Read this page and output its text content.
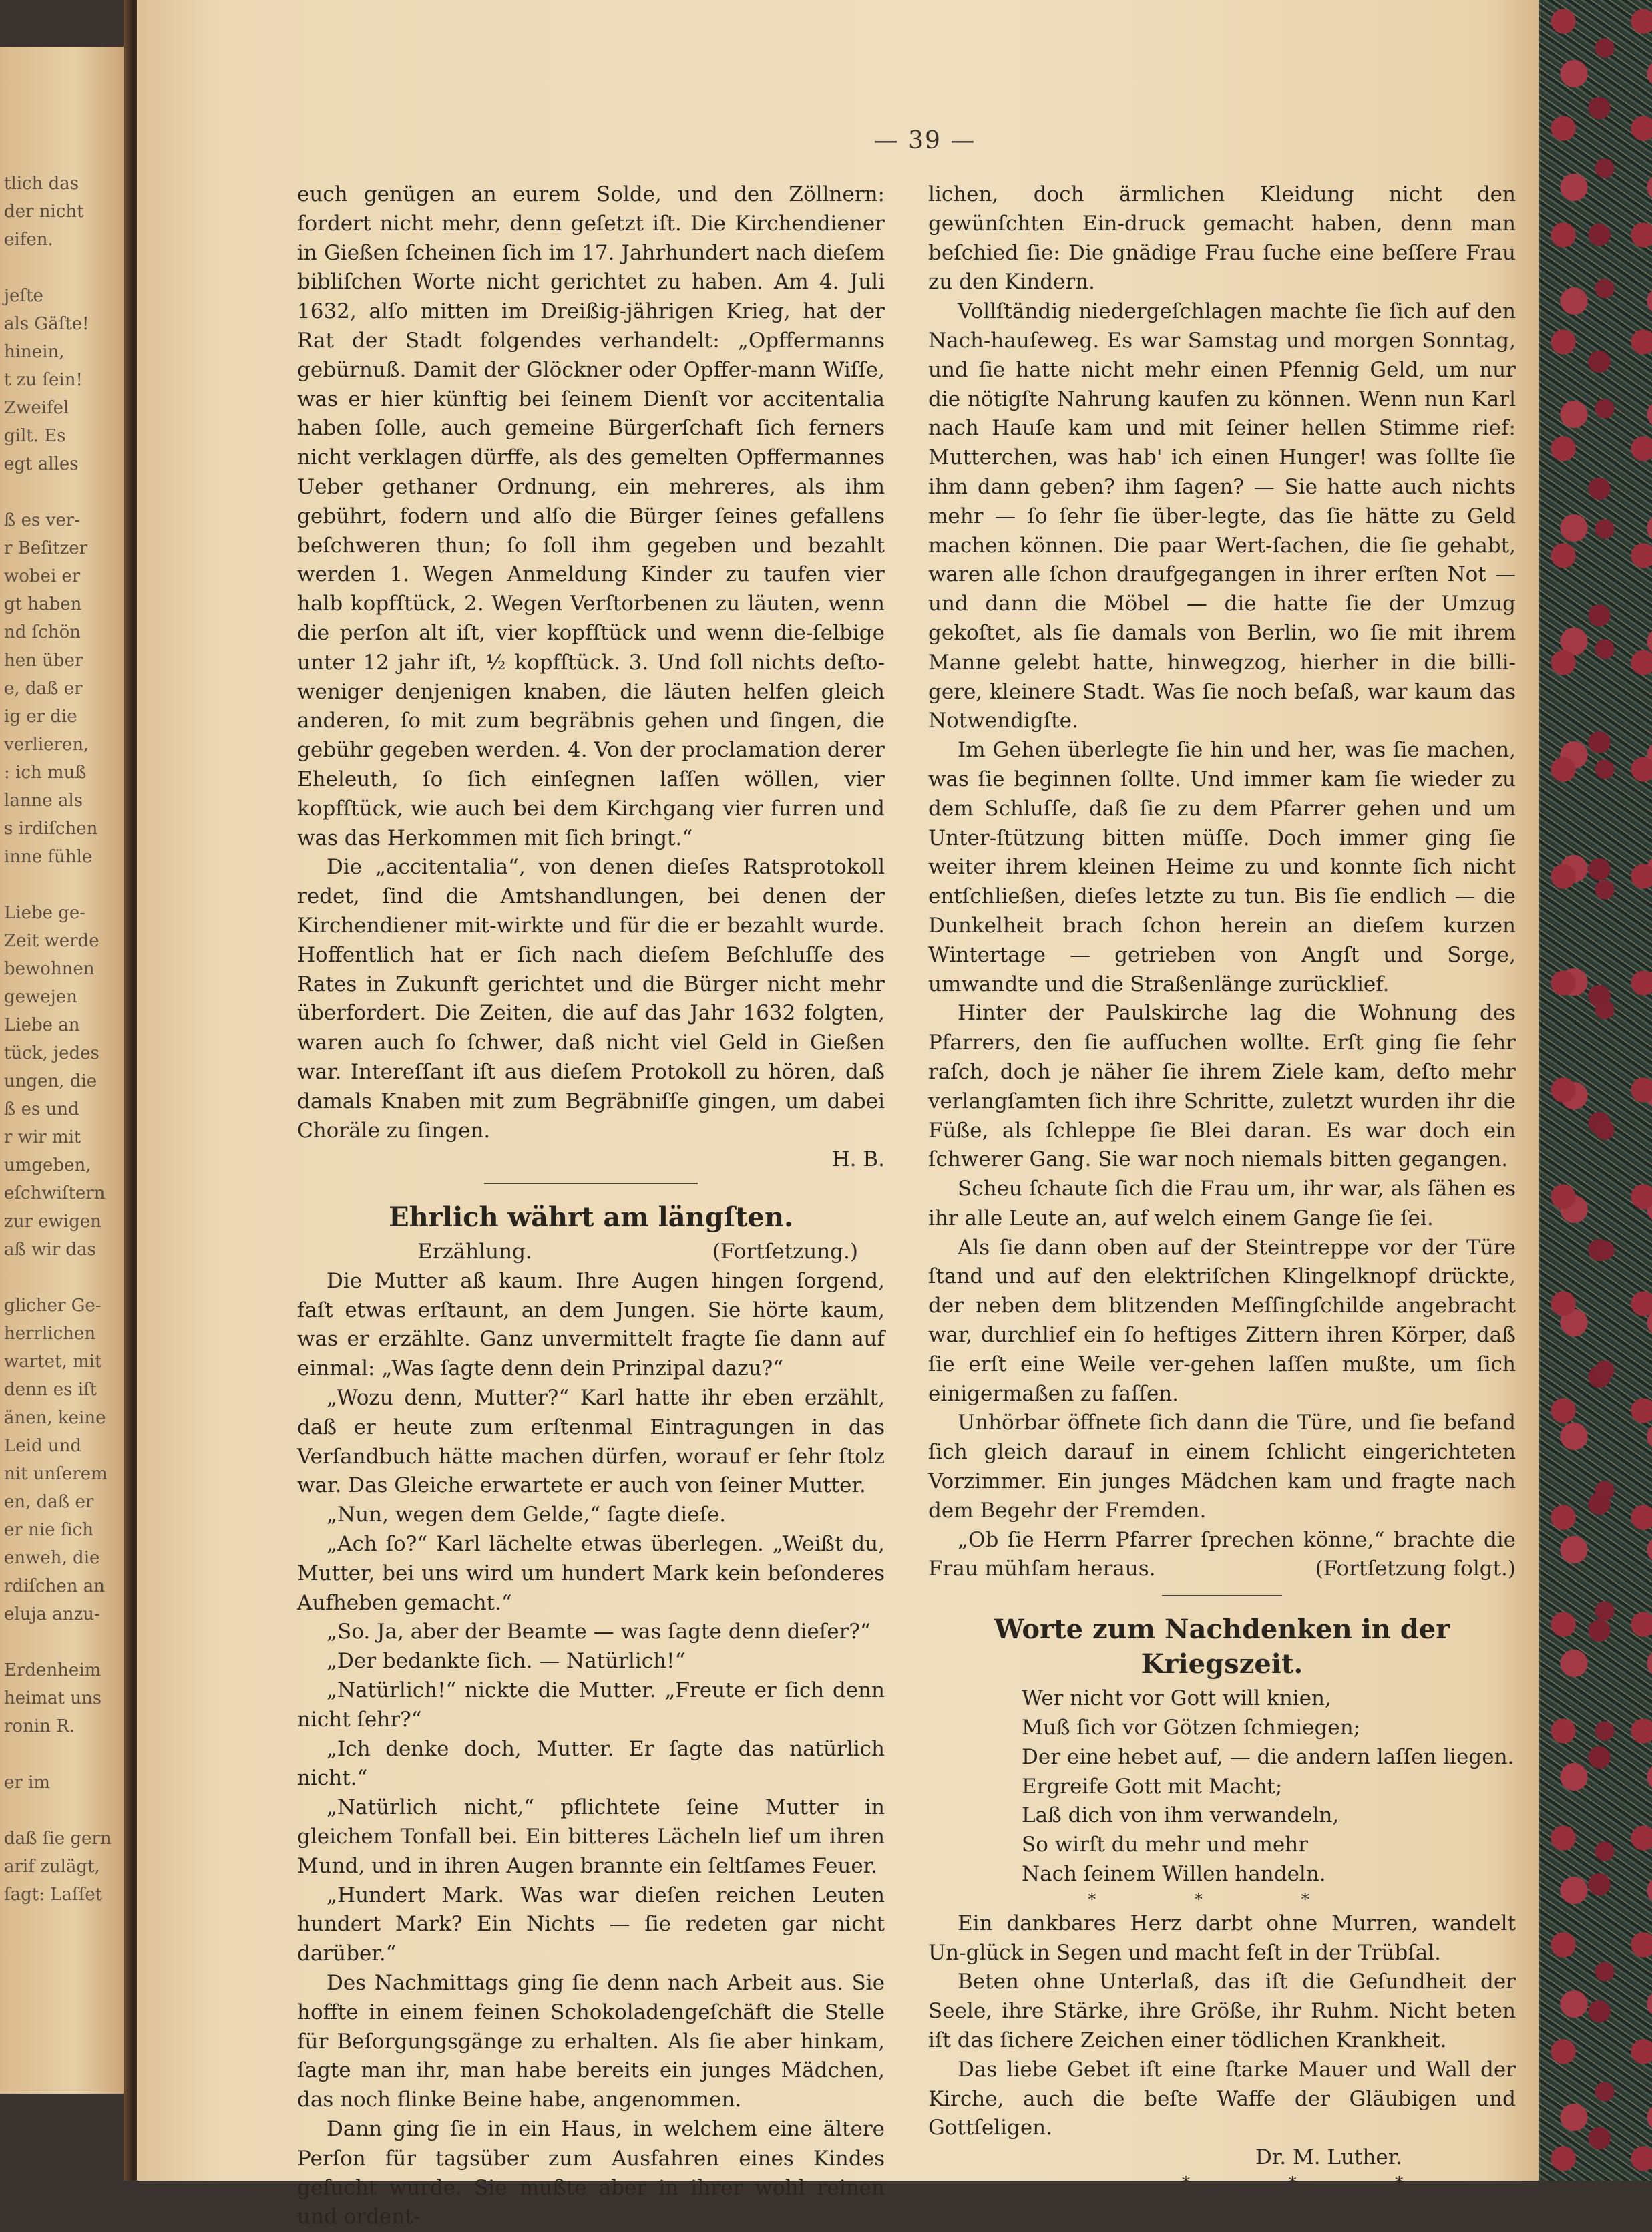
tlich das
der nicht
eifen.
jeſte
als Gäſte!
hinein,
t zu ſein!
Zweifel
gilt. Es
egt alles
ß es ver-
r Beſitzer
wobei er
gt haben
nd ſchön
hen über
e, daß er
ig er die
verlieren,
: ich muß
lanne als
s irdiſchen
inne fühle
Liebe ge-
Zeit werde
bewohnen
gewejen
Liebe an
tück, jedes
ungen, die
ß es und
r wir mit
umgeben,
eſchwiſtern
zur ewigen
aß wir das
glicher Ge-
herrlichen
wartet, mit
denn es iſt
änen, keine
Leid und
nit unſerem
en, daß er
er nie ſich
enweh, die
rdiſchen an
eluja anzu-
Erdenheim
heimat uns
ronin R.
er im
daß ſie gern
arif zulägt,
ſagt: Laſſet
— 39 —

euch genügen an eurem Solde, und den Zöllnern: fordert nicht mehr, denn geſetzt iſt. Die Kirchendiener in Gießen ſcheinen ſich im 17. Jahrhundert nach dieſem bibliſchen Worte nicht gerichtet zu haben. Am 4. Juli 1632, alſo mitten im Dreißig-jährigen Krieg, hat der Rat der Stadt folgendes verhandelt: „Opffermanns gebürnuß. Damit der Glöckner oder Opffer-mann Wiſſe, was er hier künftig bei ſeinem Dienſt vor accitentalia haben ſolle, auch gemeine Bürgerſchaft ſich ferners nicht verklagen dürffe, als des gemelten Opffermannes Ueber gethaner Ordnung, ein mehreres, als ihm gebührt, fodern und alſo die Bürger ſeines gefallens beſchweren thun; ſo ſoll ihm gegeben und bezahlt werden 1. Wegen Anmeldung Kinder zu taufen vier halb kopfſtück, 2. Wegen Verſtorbenen zu läuten, wenn die perſon alt iſt, vier kopfſtück und wenn die-ſelbige unter 12 jahr iſt, ½ kopfſtück. 3. Und ſoll nichts deſto-weniger denjenigen knaben, die läuten helfen gleich anderen, ſo mit zum begräbnis gehen und ſingen, die gebühr gegeben werden. 4. Von der proclamation derer Eheleuth, ſo ſich einſegnen laſſen wöllen, vier kopfſtück, wie auch bei dem Kirchgang vier furren und was das Herkommen mit ſich bringt.“

Die „accitentalia“, von denen dieſes Ratsprotokoll redet, ſind die Amtshandlungen, bei denen der Kirchendiener mit-wirkte und für die er bezahlt wurde. Hoffentlich hat er ſich nach dieſem Beſchluſſe des Rates in Zukunft gerichtet und die Bürger nicht mehr überfordert. Die Zeiten, die auf das Jahr 1632 folgten, waren auch ſo ſchwer, daß nicht viel Geld in Gießen war. Intereſſant iſt aus dieſem Protokoll zu hören, daß damals Knaben mit zum Begräbniſſe gingen, um dabei Choräle zu ſingen.

H. B.

Ehrlich währt am längſten.

Erzählung.	(Fortſetzung.)

Die Mutter aß kaum. Ihre Augen hingen ſorgend, faſt etwas erſtaunt, an dem Jungen. Sie hörte kaum, was er erzählte. Ganz unvermittelt fragte ſie dann auf einmal: „Was ſagte denn dein Prinzipal dazu?“

„Wozu denn, Mutter?“ Karl hatte ihr eben erzählt, daß er heute zum erſtenmal Eintragungen in das Verſandbuch hätte machen dürfen, worauf er ſehr ſtolz war. Das Gleiche erwartete er auch von ſeiner Mutter.

„Nun, wegen dem Gelde,“ ſagte dieſe.

„Ach ſo?“ Karl lächelte etwas überlegen. „Weißt du, Mutter, bei uns wird um hundert Mark kein beſonderes Aufheben gemacht.“

„So. Ja, aber der Beamte — was ſagte denn dieſer?“

„Der bedankte ſich. — Natürlich!“

„Natürlich!“ nickte die Mutter. „Freute er ſich denn nicht ſehr?“

„Ich denke doch, Mutter. Er ſagte das natürlich nicht.“

„Natürlich nicht,“ pflichtete ſeine Mutter in gleichem Tonfall bei. Ein bitteres Lächeln lief um ihren Mund, und in ihren Augen brannte ein ſeltſames Feuer.

„Hundert Mark. Was war dieſen reichen Leuten hundert Mark? Ein Nichts — ſie redeten gar nicht darüber.“

Des Nachmittags ging ſie denn nach Arbeit aus. Sie hoffte in einem feinen Schokoladengeſchäft die Stelle für Beſorgungsgänge zu erhalten. Als ſie aber hinkam, ſagte man ihr, man habe bereits ein junges Mädchen, das noch flinke Beine habe, angenommen.

Dann ging ſie in ein Haus, in welchem eine ältere Perſon für tagsüber zum Ausfahren eines Kindes geſucht wurde. Sie mußte aber in ihrer wohl reinen und ordent-

lichen, doch ärmlichen Kleidung nicht den gewünſchten Ein-druck gemacht haben, denn man beſchied ſie: Die gnädige Frau ſuche eine beſſere Frau zu den Kindern.

Vollſtändig niedergeſchlagen machte ſie ſich auf den Nach-hauſeweg. Es war Samstag und morgen Sonntag, und ſie hatte nicht mehr einen Pfennig Geld, um nur die nötigſte Nahrung kaufen zu können. Wenn nun Karl nach Hauſe kam und mit ſeiner hellen Stimme rief: Mutterchen, was hab' ich einen Hunger! was ſollte ſie ihm dann geben? ihm ſagen? — Sie hatte auch nichts mehr — ſo ſehr ſie über-legte, das ſie hätte zu Geld machen können. Die paar Wert-ſachen, die ſie gehabt, waren alle ſchon draufgegangen in ihrer erſten Not — und dann die Möbel — die hatte ſie der Umzug gekoſtet, als ſie damals von Berlin, wo ſie mit ihrem Manne gelebt hatte, hinwegzog, hierher in die billi-gere, kleinere Stadt. Was ſie noch beſaß, war kaum das Notwendigſte.

Im Gehen überlegte ſie hin und her, was ſie machen, was ſie beginnen ſollte. Und immer kam ſie wieder zu dem Schluſſe, daß ſie zu dem Pfarrer gehen und um Unter-ſtützung bitten müſſe. Doch immer ging ſie weiter ihrem kleinen Heime zu und konnte ſich nicht entſchließen, dieſes letzte zu tun. Bis ſie endlich — die Dunkelheit brach ſchon herein an dieſem kurzen Wintertage — getrieben von Angſt und Sorge, umwandte und die Straßenlänge zurücklief.

Hinter der Paulskirche lag die Wohnung des Pfarrers, den ſie aufſuchen wollte. Erſt ging ſie ſehr raſch, doch je näher ſie ihrem Ziele kam, deſto mehr verlangſamten ſich ihre Schritte, zuletzt wurden ihr die Füße, als ſchleppe ſie Blei daran. Es war doch ein ſchwerer Gang. Sie war noch niemals bitten gegangen.

Scheu ſchaute ſich die Frau um, ihr war, als ſähen es ihr alle Leute an, auf welch einem Gange ſie ſei.

Als ſie dann oben auf der Steintreppe vor der Türe ſtand und auf den elektriſchen Klingelknopf drückte, der neben dem blitzenden Meſſingſchilde angebracht war, durchlief ein ſo heftiges Zittern ihren Körper, daß ſie erſt eine Weile ver-gehen laſſen mußte, um ſich einigermaßen zu faſſen.

Unhörbar öffnete ſich dann die Türe, und ſie befand ſich gleich darauf in einem ſchlicht eingerichteten Vorzimmer. Ein junges Mädchen kam und fragte nach dem Begehr der Fremden.

„Ob ſie Herrn Pfarrer ſprechen könne,“ brachte die Frau mühſam heraus.	(Fortſetzung folgt.)

Worte zum Nachdenken in der Kriegszeit.

Wer nicht vor Gott will knien,

Muß ſich vor Götzen ſchmiegen;

Der eine hebet auf, — die andern laſſen liegen.

Ergreife Gott mit Macht;

Laß dich von ihm verwandeln,

So wirſt du mehr und mehr

Nach ſeinem Willen handeln.

* * *

Ein dankbares Herz darbt ohne Murren, wandelt Un-glück in Segen und macht feſt in der Trübſal.

Beten ohne Unterlaß, das iſt die Geſundheit der Seele, ihre Stärke, ihre Größe, ihr Ruhm. Nicht beten iſt das ſichere Zeichen einer tödlichen Krankheit.

Das liebe Gebet iſt eine ſtarke Mauer und Wall der Kirche, auch die beſte Waffe der Gläubigen und Gottſeligen.

Dr. M. Luther.

* * *
